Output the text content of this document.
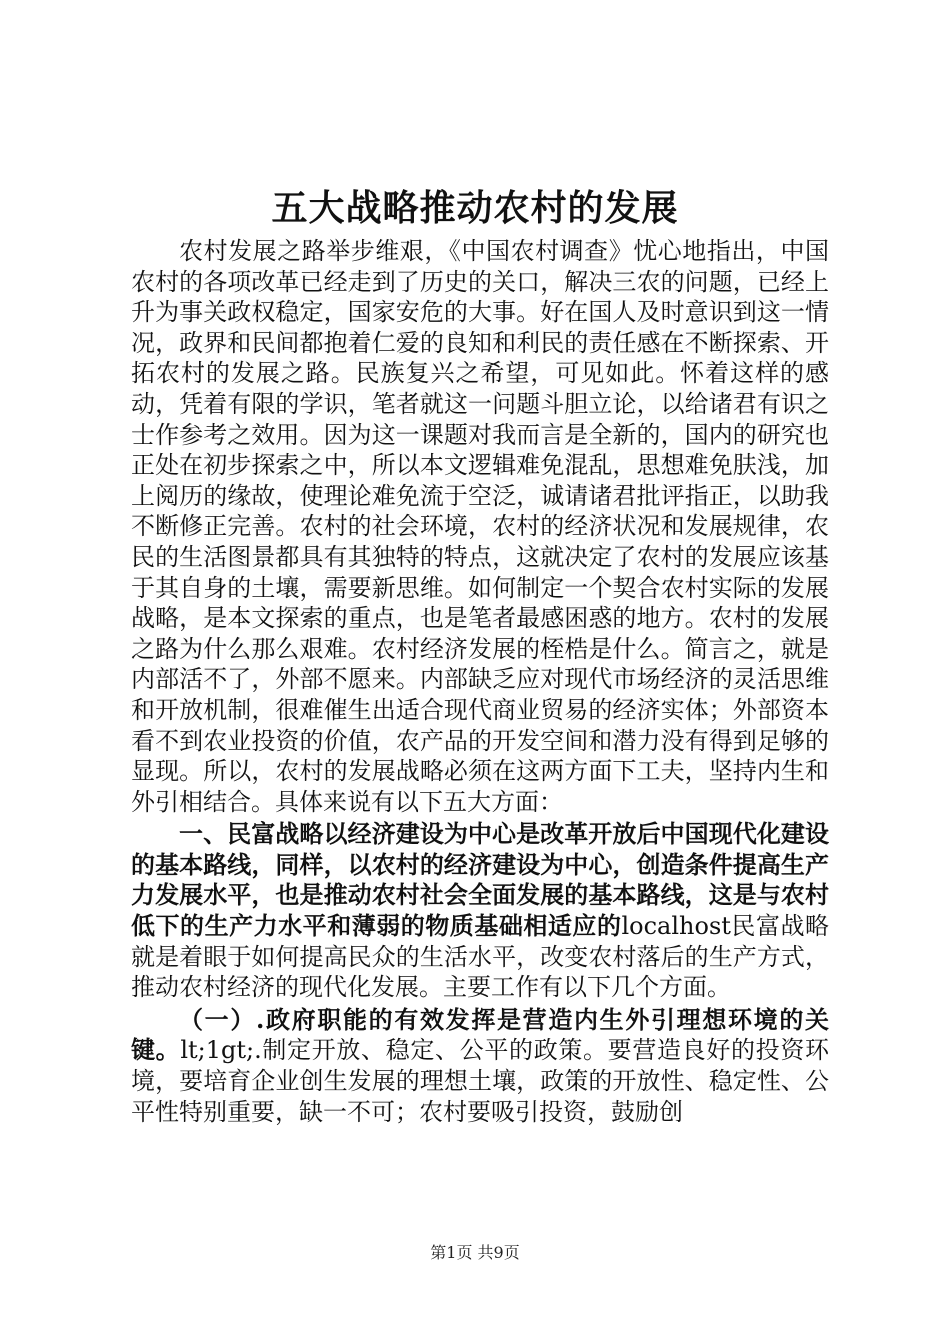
五大战略推动农村的发展

农村发展之路举步维艰，《中国农村调查》忧心地指出，中国农村的各项改革已经走到了历史的关口，解决三农的问题，已经上升为事关政权稳定，国家安危的大事。好在国人及时意识到这一情况，政界和民间都抱着仁爱的良知和利民的责任感在不断探索、开拓农村的发展之路。民族复兴之希望，可见如此。怀着这样的感动，凭着有限的学识，笔者就这一问题斗胆立论，以给诸君有识之士作参考之效用。因为这一课题对我而言是全新的，国内的研究也正处在初步探索之中，所以本文逻辑难免混乱，思想难免肤浅，加上阅历的缘故，使理论难免流于空泛，诚请诸君批评指正，以助我不断修正完善。农村的社会环境，农村的经济状况和发展规律，农民的生活图景都具有其独特的特点，这就决定了农村的发展应该基于其自身的土壤，需要新思维。如何制定一个契合农村实际的发展战略，是本文探索的重点，也是笔者最感困惑的地方。农村的发展之路为什么那么艰难。农村经济发展的桎梏是什么。简言之，就是内部活不了，外部不愿来。内部缺乏应对现代市场经济的灵活思维和开放机制，很难催生出适合现代商业贸易的经济实体；外部资本看不到农业投资的价值，农产品的开发空间和潜力没有得到足够的显现。所以，农村的发展战略必须在这两方面下工夫，坚持内生和外引相结合。具体来说有以下五大方面：

一、民富战略以经济建设为中心是改革开放后中国现代化建设的基本路线，同样，以农村的经济建设为中心，创造条件提高生产力发展水平，也是推动农村社会全面发展的基本路线，这是与农村低下的生产力水平和薄弱的物质基础相适应的localhost民富战略就是着眼于如何提高民众的生活水平，改变农村落后的生产方式，推动农村经济的现代化发展。主要工作有以下几个方面。

（一）.政府职能的有效发挥是营造内生外引理想环境的关键。lt;1gt;.制定开放、稳定、公平的政策。要营造良好的投资环境，要培育企业创生发展的理想土壤，政策的开放性、稳定性、公平性特别重要，缺一不可；农村要吸引投资，鼓励创

第1页 共9页
